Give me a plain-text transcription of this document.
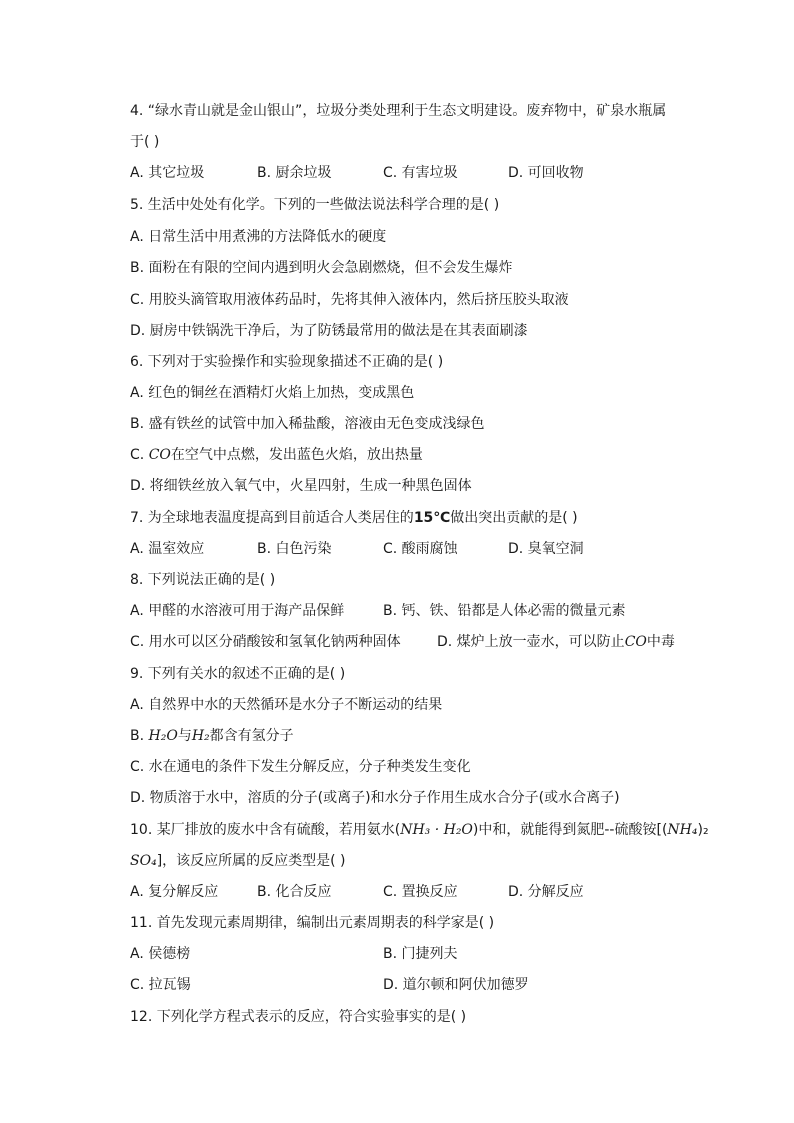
4. “绿水青山就是金山银山”，垃圾分类处理利于生态文明建设。废弃物中，矿泉水瓶属
于( )
A. 其它垃圾	B. 厨余垃圾	C. 有害垃圾	D. 可回收物
5. 生活中处处有化学。下列的一些做法说法科学合理的是( )
A. 日常生活中用煮沸的方法降低水的硬度
B. 面粉在有限的空间内遇到明火会急剧燃烧，但不会发生爆炸
C. 用胶头滴管取用液体药品时，先将其伸入液体内，然后挤压胶头取液
D. 厨房中铁锅洗干净后，为了防锈最常用的做法是在其表面刷漆
6. 下列对于实验操作和实验现象描述不正确的是( )
A. 红色的铜丝在酒精灯火焰上加热，变成黑色
B. 盛有铁丝的试管中加入稀盐酸，溶液由无色变成浅绿色
C. CO在空气中点燃，发出蓝色火焰，放出热量
D. 将细铁丝放入氧气中，火星四射，生成一种黑色固体
7. 为全球地表温度提高到目前适合人类居住的15℃做出突出贡献的是( )
A. 温室效应	B. 白色污染	C. 酸雨腐蚀	D. 臭氧空洞
8. 下列说法正确的是( )
A. 甲醛的水溶液可用于海产品保鲜	B. 钙、铁、铅都是人体必需的微量元素
C. 用水可以区分硝酸铵和氢氧化钠两种固体	D. 煤炉上放一壶水，可以防止CO中毒
9. 下列有关水的叙述不正确的是( )
A. 自然界中水的天然循环是水分子不断运动的结果
B. H₂O与H₂都含有氢分子
C. 水在通电的条件下发生分解反应，分子种类发生变化
D. 物质溶于水中，溶质的分子(或离子)和水分子作用生成水合分子(或水合离子)
10. 某厂排放的废水中含有硫酸，若用氨水(NH₃ · H₂O)中和，就能得到氮肥--硫酸铵[(NH₄)₂
SO₄]，该反应所属的反应类型是( )
A. 复分解反应	B. 化合反应	C. 置换反应	D. 分解反应
11. 首先发现元素周期律，编制出元素周期表的科学家是( )
A. 侯德榜	B. 门捷列夫
C. 拉瓦锡	D. 道尔顿和阿伏加德罗
12. 下列化学方程式表示的反应，符合实验事实的是( )
